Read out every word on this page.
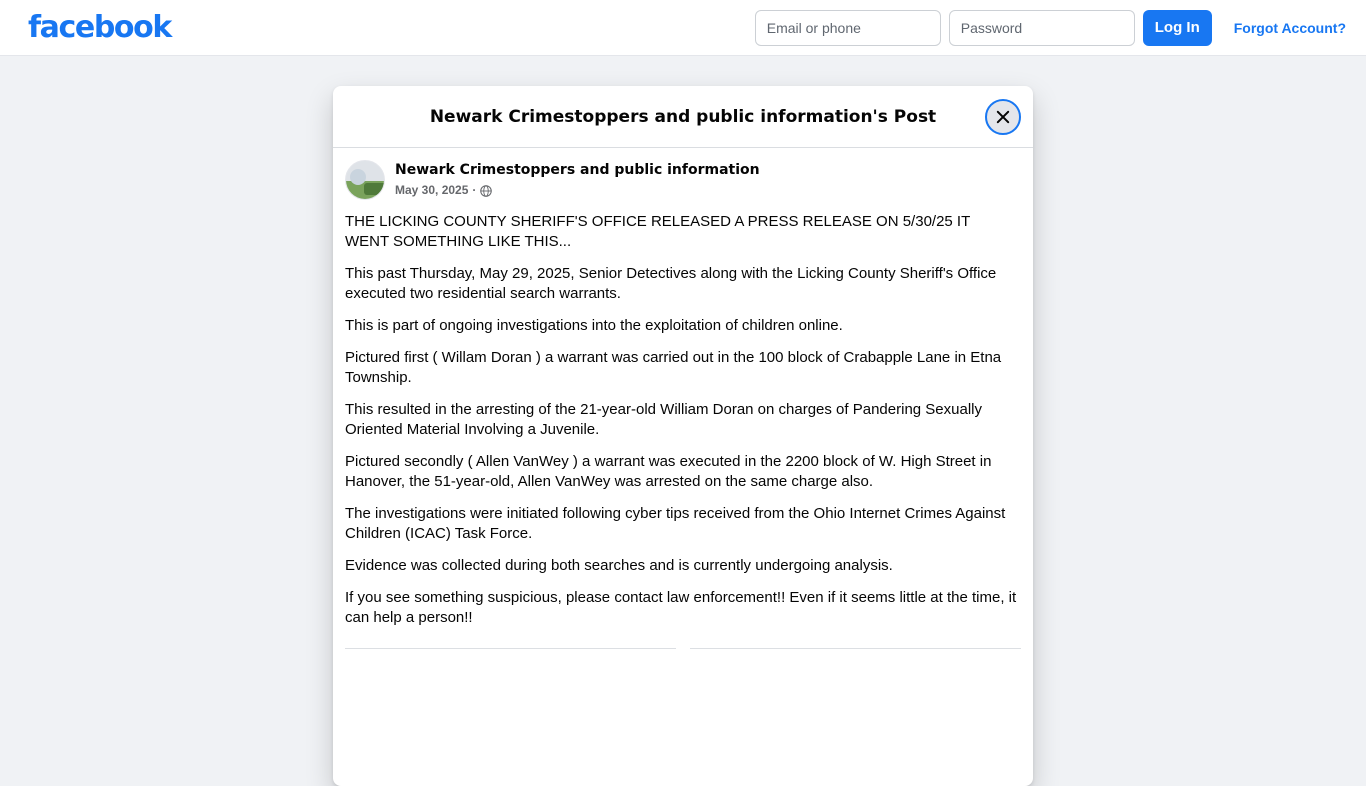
facebook
Email or phone	Log In	Forgot Account?
Newark Crimestoppers and public information's Post
Newark Crimestoppers and public information
May 30, 2025 ·

THE LICKING COUNTY SHERIFF'S OFFICE RELEASED A PRESS RELEASE ON 5/30/25 IT WENT SOMETHING LIKE THIS...

This past Thursday, May 29, 2025, Senior Detectives along with the Licking County Sheriff's Office executed two residential search warrants.

This is part of ongoing investigations into the exploitation of children online.

Pictured first ( Willam Doran ) a warrant was carried out in the 100 block of Crabapple Lane in Etna Township.

This resulted in the arresting of the 21-year-old William Doran on charges of Pandering Sexually Oriented Material Involving a Juvenile.

Pictured secondly ( Allen VanWey ) a warrant was executed in the 2200 block of W. High Street in Hanover, the 51-year-old, Allen VanWey was arrested on the same charge also.

The investigations were initiated following cyber tips received from the Ohio Internet Crimes Against Children (ICAC) Task Force.

Evidence was collected during both searches and is currently undergoing analysis.

If you see something suspicious, please contact law enforcement!! Even if it seems little at the time, it can help a person!!
